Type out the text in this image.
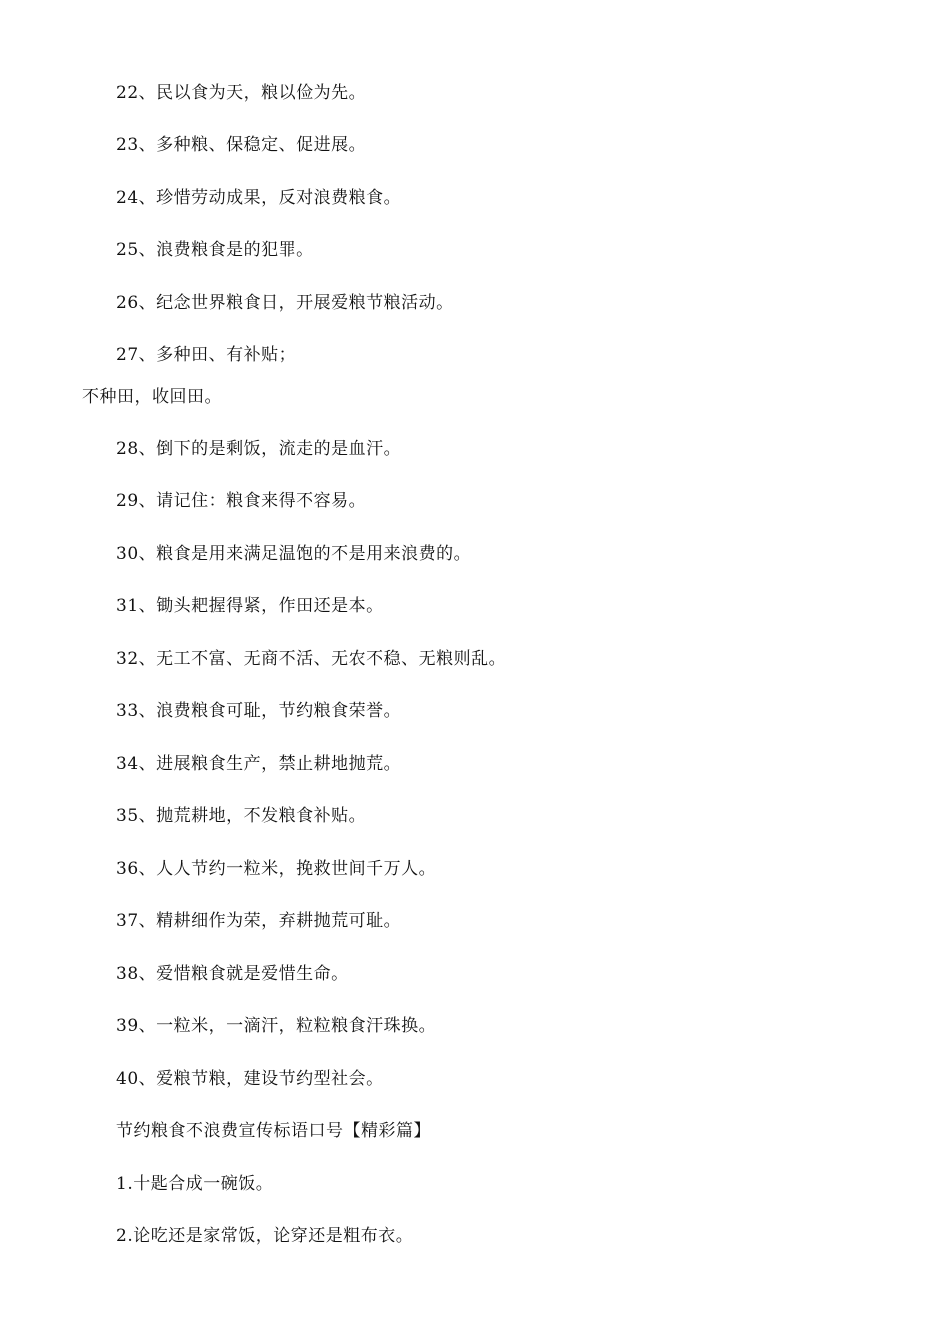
22、民以食为天，粮以俭为先。
23、多种粮、保稳定、促进展。
24、珍惜劳动成果，反对浪费粮食。
25、浪费粮食是的犯罪。
26、纪念世界粮食日，开展爱粮节粮活动。
27、多种田、有补贴；
不种田，收回田。
28、倒下的是剩饭，流走的是血汗。
29、请记住：粮食来得不容易。
30、粮食是用来满足温饱的不是用来浪费的。
31、锄头耙握得紧，作田还是本。
32、无工不富、无商不活、无农不稳、无粮则乱。
33、浪费粮食可耻，节约粮食荣誉。
34、进展粮食生产，禁止耕地抛荒。
35、抛荒耕地，不发粮食补贴。
36、人人节约一粒米，挽救世间千万人。
37、精耕细作为荣，弃耕抛荒可耻。
38、爱惜粮食就是爱惜生命。
39、一粒米，一滴汗，粒粒粮食汗珠换。
40、爱粮节粮，建设节约型社会。
节约粮食不浪费宣传标语口号【精彩篇】
1.十匙合成一碗饭。
2.论吃还是家常饭，论穿还是粗布衣。
